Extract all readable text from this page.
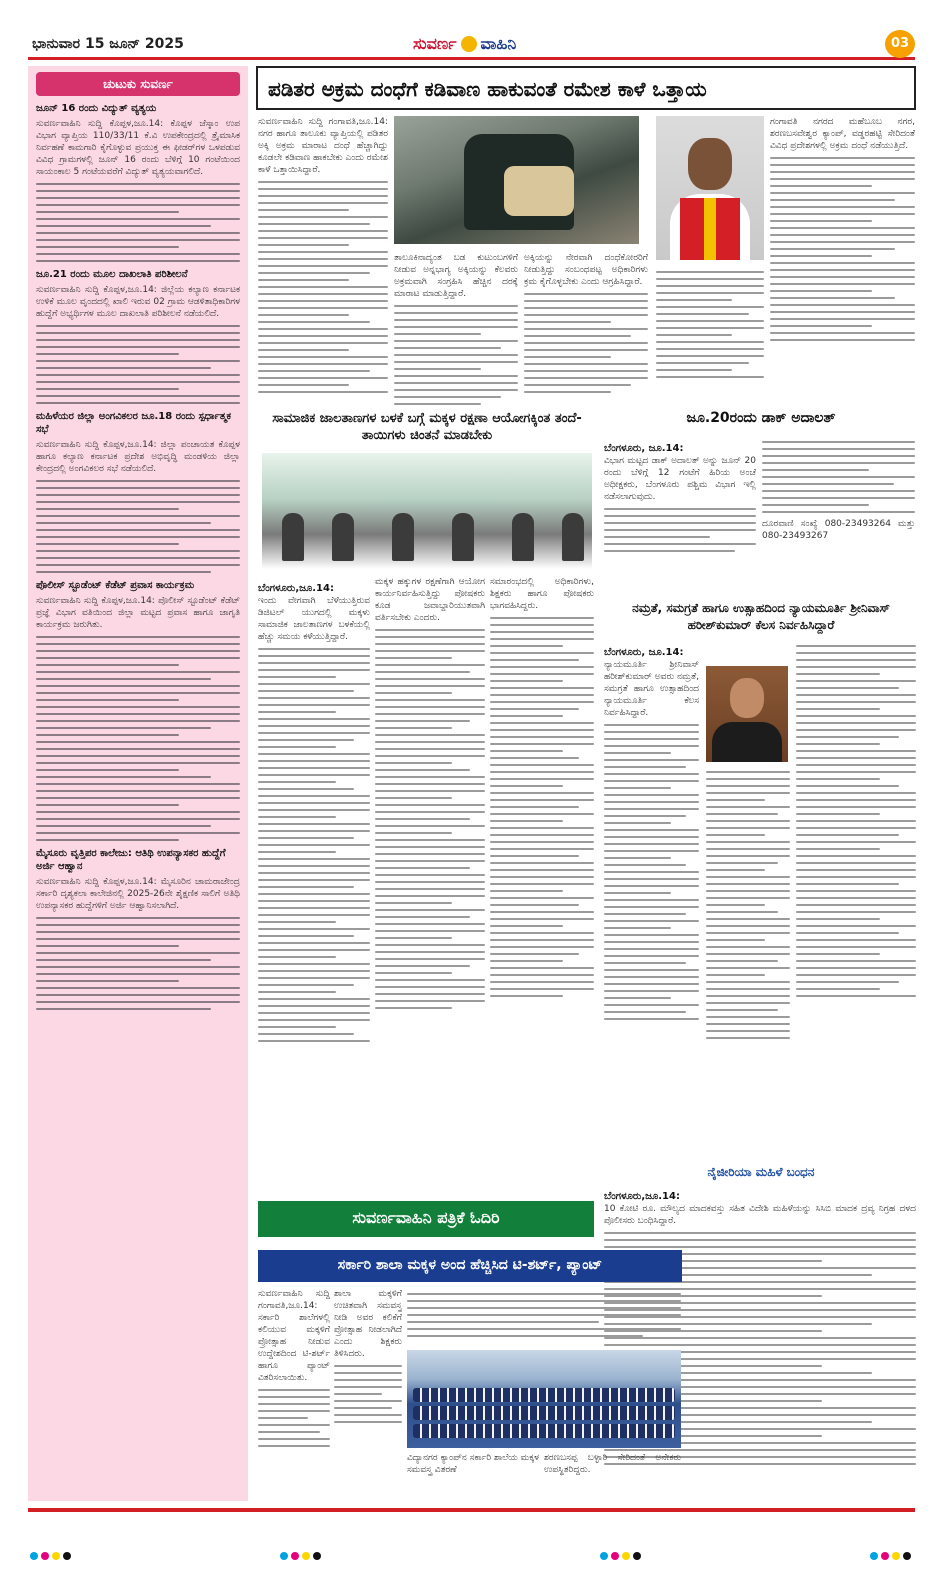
ಭಾನುವಾರ 15 ಜೂನ್ 2025	ಸುವರ್ಣ ವಾಹಿನಿ	03
ಚುಟುಕು ಸುವರ್ಣ
ಜೂನ್ 16 ರಂದು ವಿದ್ಯುತ್ ವ್ಯತ್ಯಯ
ಸುವರ್ಣವಾಹಿನಿ ಸುದ್ದಿ ಕೊಪ್ಪಳ,ಜೂ.14: ಕೊಪ್ಪಳ ಜೆಸ್ಕಾಂ ಉಪ ವಿಭಾಗ ವ್ಯಾಪ್ತಿಯ 110/33/11 ಕೆ.ವಿ ಉಪಕೇಂದ್ರದಲ್ಲಿ ತ್ರೈಮಾಸಿಕ ನಿರ್ವಹಣೆ ಕಾಮಗಾರಿ ಕೈಗೊಳ್ಳುವ ಪ್ರಯುಕ್ತ ಈ ಫೀಡರ್‌ಗಳ ಒಳಪಡುವ ವಿವಿಧ ಗ್ರಾಮಗಳಲ್ಲಿ ಜೂನ್ 16 ರಂದು ಬೆಳಿಗ್ಗೆ 10 ಗಂಟೆಯಿಂದ ಸಾಯಂಕಾಲ 5 ಗಂಟೆಯವರೆಗೆ ವಿದ್ಯುತ್ ವ್ಯತ್ಯಯವಾಗಲಿದೆ.
ಜೂ.21 ರಂದು ಮೂಲ ದಾಖಲಾತಿ ಪರಿಶೀಲನೆ
ಸುವರ್ಣವಾಹಿನಿ ಸುದ್ದಿ ಕೊಪ್ಪಳ,ಜೂ.14: ಜಿಲ್ಲೆಯ ಕಲ್ಯಾಣ ಕರ್ನಾಟಕ ಉಳಿಕೆ ಮೂಲ ವೃಂದದಲ್ಲಿ ಖಾಲಿ ಇರುವ 02 ಗ್ರಾಮ ಆಡಳಿತಾಧಿಕಾರಿಗಳ ಹುದ್ದೆಗೆ ಅಭ್ಯರ್ಥಿಗಳ ಮೂಲ ದಾಖಲಾತಿ ಪರಿಶೀಲನೆ ನಡೆಯಲಿದೆ.
ಮಹಿಳೆಯರ ಜಿಲ್ಲಾ ಅಂಗವಿಕಲರ ಜೂ.18 ರಂದು ಸ್ಪರ್ಧಾತ್ಮಕ ಸಭೆ
ಸುವರ್ಣವಾಹಿನಿ ಸುದ್ದಿ ಕೊಪ್ಪಳ,ಜೂ.14: ಜಿಲ್ಲಾ ಪಂಚಾಯತ ಕೊಪ್ಪಳ ಹಾಗೂ ಕಲ್ಯಾಣ ಕರ್ನಾಟಕ ಪ್ರದೇಶ ಅಭಿವೃದ್ಧಿ ಮಂಡಳಿಯ ಜಿಲ್ಲಾ ಕೇಂದ್ರದಲ್ಲಿ ಅಂಗವಿಕಲರ ಸಭೆ ನಡೆಯಲಿದೆ.
ಪೊಲೀಸ್ ಸ್ಟೂಡೆಂಟ್ ಕೆಡೆಟ್ ಪ್ರವಾಸ ಕಾರ್ಯಕ್ರಮ
ಸುವರ್ಣವಾಹಿನಿ ಸುದ್ದಿ ಕೊಪ್ಪಳ,ಜೂ.14: ಪೊಲೀಸ್ ಸ್ಟೂಡೆಂಟ್ ಕೆಡೆಟ್ ಪ್ರಜ್ಞೆ ವಿಭಾಗ ವತಿಯಿಂದ ಜಿಲ್ಲಾ ಮಟ್ಟದ ಪ್ರವಾಸ ಹಾಗೂ ಜಾಗೃತಿ ಕಾರ್ಯಕ್ರಮ ಜರುಗಿತು.
ಮೈಸೂರು ವೃತ್ತಿಪರ ಕಾಲೇಜು: ಆತಿಥಿ ಉಪನ್ಯಾಸಕರ ಹುದ್ದೆಗೆ ಅರ್ಜಿ ಆಹ್ವಾನ
ಸುವರ್ಣವಾಹಿನಿ ಸುದ್ದಿ ಕೊಪ್ಪಳ,ಜೂ.14: ಮೈಸೂರಿನ ಚಾಮರಾಜೇಂದ್ರ ಸರ್ಕಾರಿ ದೃಶ್ಯಕಲಾ ಕಾಲೇಜಿನಲ್ಲಿ 2025-26ನೇ ಶೈಕ್ಷಣಿಕ ಸಾಲಿಗೆ ಅತಿಥಿ ಉಪನ್ಯಾಸಕರ ಹುದ್ದೆಗಳಿಗೆ ಅರ್ಜಿ ಆಹ್ವಾನಿಸಲಾಗಿದೆ.
ಪಡಿತರ ಅಕ್ರಮ ದಂಧೆಗೆ ಕಡಿವಾಣ ಹಾಕುವಂತೆ ರಮೇಶ ಕಾಳೆ ಒತ್ತಾಯ
ಸುವರ್ಣವಾಹಿನಿ ಸುದ್ದಿ ಗಂಗಾವತಿ,ಜೂ.14: ನಗರ ಹಾಗೂ ತಾಲೂಕು ವ್ಯಾಪ್ತಿಯಲ್ಲಿ ಪಡಿತರ ಅಕ್ಕಿ ಅಕ್ರಮ ಮಾರಾಟ ದಂಧೆ ಹೆಚ್ಚಾಗಿದ್ದು ಕೂಡಲೇ ಕಡಿವಾಣ ಹಾಕಬೇಕು ಎಂದು ರಮೇಶ ಕಾಳೆ ಒತ್ತಾಯಿಸಿದ್ದಾರೆ.
ತಾಲೂಕಿನಾದ್ಯಂತ ಬಡ ಕುಟುಂಬಗಳಿಗೆ ನೀಡುವ ಅನ್ನಭಾಗ್ಯ ಅಕ್ಕಿಯನ್ನು ಕೆಲವರು ಅಕ್ರಮವಾಗಿ ಸಂಗ್ರಹಿಸಿ ಹೆಚ್ಚಿನ ದರಕ್ಕೆ ಮಾರಾಟ ಮಾಡುತ್ತಿದ್ದಾರೆ.
ಅಕ್ಕಿಯನ್ನು ನೇರವಾಗಿ ದಂಧೆಕೋರರಿಗೆ ನೀಡುತ್ತಿದ್ದು ಸಂಬಂಧಪಟ್ಟ ಅಧಿಕಾರಿಗಳು ಕ್ರಮ ಕೈಗೊಳ್ಳಬೇಕು ಎಂದು ಆಗ್ರಹಿಸಿದ್ದಾರೆ.
ಗಂಗಾವತಿ ನಗರದ ಮಹೆಬೂಬ ನಗರ, ಶರಣಬಸವೇಶ್ವರ ಕ್ಯಾಂಪ್, ವಡ್ಡರಹಟ್ಟಿ ಸೇರಿದಂತೆ ವಿವಿಧ ಪ್ರದೇಶಗಳಲ್ಲಿ ಅಕ್ರಮ ದಂಧೆ ನಡೆಯುತ್ತಿದೆ.
ಸಾಮಾಜಿಕ ಜಾಲತಾಣಗಳ ಬಳಕೆ ಬಗ್ಗೆ ಮಕ್ಕಳ ರಕ್ಷಣಾ ಆಯೋಗಕ್ಕಿಂತ ತಂದೆ-ತಾಯಿಗಳು ಚಿಂತನೆ ಮಾಡಬೇಕು
ಬೆಂಗಳೂರು,ಜೂ.14:
ಇಂದು ವೇಗವಾಗಿ ಬೆಳೆಯುತ್ತಿರುವ ಡಿಜಿಟಲ್ ಯುಗದಲ್ಲಿ ಮಕ್ಕಳು ಸಾಮಾಜಿಕ ಜಾಲತಾಣಗಳ ಬಳಕೆಯಲ್ಲಿ ಹೆಚ್ಚು ಸಮಯ ಕಳೆಯುತ್ತಿದ್ದಾರೆ.
ಮಕ್ಕಳ ಹಕ್ಕುಗಳ ರಕ್ಷಣೆಗಾಗಿ ಆಯೋಗ ಕಾರ್ಯನಿರ್ವಹಿಸುತ್ತಿದ್ದು ಪೋಷಕರು ಕೂಡ ಜವಾಬ್ದಾರಿಯುತವಾಗಿ ವರ್ತಿಸಬೇಕು ಎಂದರು.
ಸಮಾರಂಭದಲ್ಲಿ ಅಧಿಕಾರಿಗಳು, ಶಿಕ್ಷಕರು ಹಾಗೂ ಪೋಷಕರು ಭಾಗವಹಿಸಿದ್ದರು.
ಜೂ.20ರಂದು ಡಾಕ್ ಅದಾಲತ್
ಬೆಂಗಳೂರು, ಜೂ.14:
ವಿಭಾಗ ಮಟ್ಟದ ಡಾಕ್ ಅದಾಲತ್ ಅನ್ನು ಜೂನ್ 20 ರಂದು ಬೆಳಿಗ್ಗೆ 12 ಗಂಟೆಗೆ ಹಿರಿಯ ಅಂಚೆ ಅಧೀಕ್ಷಕರು, ಬೆಂಗಳೂರು ಪಶ್ಚಿಮ ವಿಭಾಗ ಇಲ್ಲಿ ನಡೆಸಲಾಗುವುದು.
ದೂರವಾಣಿ ಸಂಖ್ಯೆ 080-23493264 ಮತ್ತು 080-23493267
ನಮ್ರತೆ, ಸಮಗ್ರತೆ ಹಾಗೂ ಉತ್ಸಾಹದಿಂದ ನ್ಯಾಯಮೂರ್ತಿ ಶ್ರೀನಿವಾಸ್ ಹರೀಶ್‌ಕುಮಾರ್ ಕೆಲಸ ನಿರ್ವಹಿಸಿದ್ದಾರೆ
ಬೆಂಗಳೂರು, ಜೂ.14:
ನ್ಯಾಯಮೂರ್ತಿ ಶ್ರೀನಿವಾಸ್ ಹರೀಶ್‌ಕುಮಾರ್ ಅವರು ನಮ್ರತೆ, ಸಮಗ್ರತೆ ಹಾಗೂ ಉತ್ಸಾಹದಿಂದ ನ್ಯಾಯಮೂರ್ತಿ ಕೆಲಸ ನಿರ್ವಹಿಸಿದ್ದಾರೆ.
ನೈಜೀರಿಯಾ ಮಹಿಳೆ ಬಂಧನ
ಬೆಂಗಳೂರು,ಜೂ.14:
10 ಕೋಟಿ ರೂ. ಮೌಲ್ಯದ ಮಾದಕವಸ್ತು ಸಹಿತ ವಿದೇಶಿ ಮಹಿಳೆಯನ್ನು ಸಿಸಿಬಿ ಮಾದಕ ದ್ರವ್ಯ ನಿಗ್ರಹ ದಳದ ಪೊಲೀಸರು ಬಂಧಿಸಿದ್ದಾರೆ.
ಸುವರ್ಣವಾಹಿನಿ ಪತ್ರಿಕೆ ಓದಿರಿ
ಸರ್ಕಾರಿ ಶಾಲಾ ಮಕ್ಕಳ ಅಂದ ಹೆಚ್ಚಿಸಿದ ಟಿ-ಶರ್ಟ್, ಪ್ಯಾಂಟ್
ಸುವರ್ಣವಾಹಿನಿ ಸುದ್ದಿ ಗಂಗಾವತಿ,ಜೂ.14: ಸರ್ಕಾರಿ ಶಾಲೆಗಳಲ್ಲಿ ಕಲಿಯುವ ಮಕ್ಕಳಿಗೆ ಪ್ರೋತ್ಸಾಹ ನೀಡುವ ಉದ್ದೇಶದಿಂದ ಟಿ-ಶರ್ಟ್ ಹಾಗೂ ಪ್ಯಾಂಟ್ ವಿತರಿಸಲಾಯಿತು.
ಶಾಲಾ ಮಕ್ಕಳಿಗೆ ಉಚಿತವಾಗಿ ಸಮವಸ್ತ್ರ ನೀಡಿ ಅವರ ಕಲಿಕೆಗೆ ಪ್ರೋತ್ಸಾಹ ನೀಡಲಾಗಿದೆ ಎಂದು ಶಿಕ್ಷಕರು ತಿಳಿಸಿದರು.
ವಿದ್ಯಾನಗರ ಕ್ಯಾಂಪ್‌ನ ಸರ್ಕಾರಿ ಶಾಲೆಯ ಮಕ್ಕಳ ಸಮವಸ್ತ್ರ ವಿತರಣೆ
ಶರಣಬಸಪ್ಪ ಬಳ್ಳಾರಿ ಸೇರಿದಂತೆ ಅನೇಕರು ಉಪಸ್ಥಿತರಿದ್ದರು.
